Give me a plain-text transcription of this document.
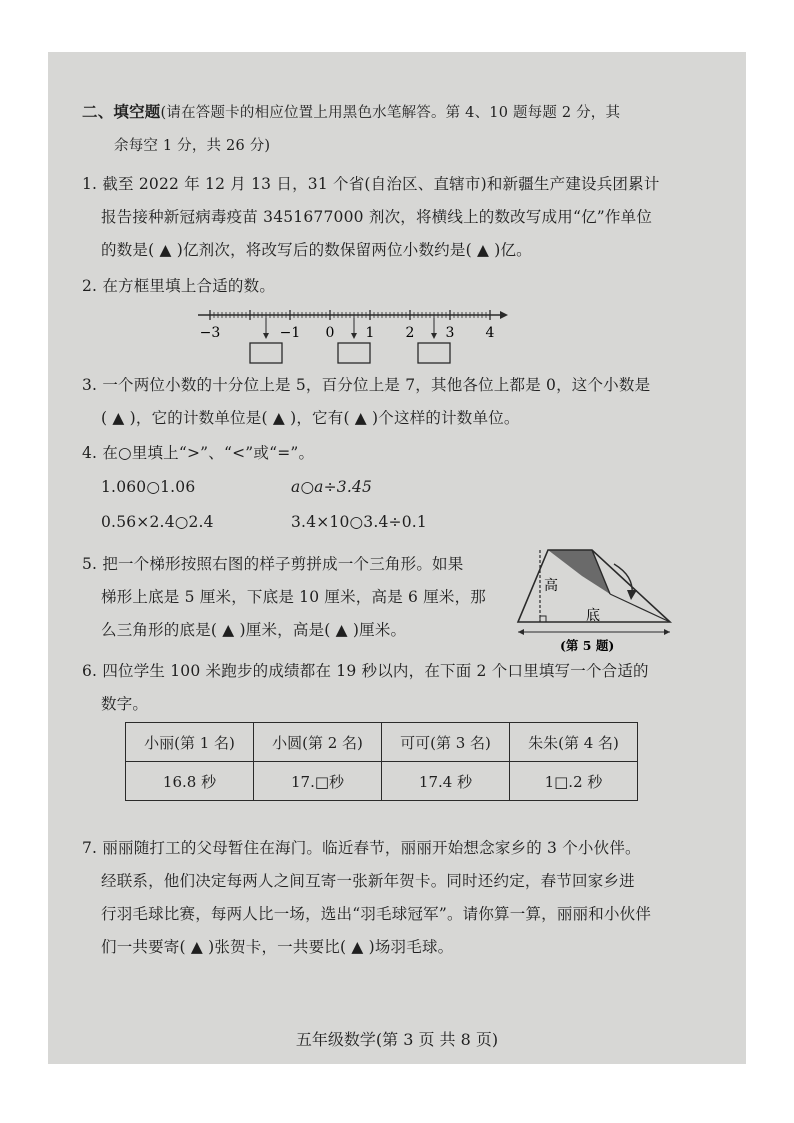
二、填空题(请在答题卡的相应位置上用黑色水笔解答。第 4、10 题每题 2 分，其
余每空 1 分，共 26 分)
1. 截至 2022 年 12 月 13 日，31 个省(自治区、直辖市)和新疆生产建设兵团累计
报告接种新冠病毒疫苗 3451677000 剂次，将横线上的数改写成用“亿”作单位
的数是( ▲ )亿剂次，将改写后的数保留两位小数约是( ▲ )亿。
2. 在方框里填上合适的数。
−3	−1 0 1 2 3 4
3. 一个两位小数的十分位上是 5，百分位上是 7，其他各位上都是 0，这个小数是
( ▲ )，它的计数单位是( ▲ )，它有( ▲ )个这样的计数单位。
4. 在○里填上“>”、“<”或“=”。
1.060○1.06	a○a÷3.45
0.56×2.4○2.4	3.4×10○3.4÷0.1
5. 把一个梯形按照右图的样子剪拼成一个三角形。如果
梯形上底是 5 厘米，下底是 10 厘米，高是 6 厘米，那
么三角形的底是( ▲ )厘米，高是( ▲ )厘米。
高
底
(第 5 题)
6. 四位学生 100 米跑步的成绩都在 19 秒以内，在下面 2 个口里填写一个合适的
数字。
小丽(第 1 名)	小圆(第 2 名)	可可(第 3 名)	朱朱(第 4 名)
16.8 秒	17.□秒	17.4 秒	1□.2 秒
7. 丽丽随打工的父母暂住在海门。临近春节，丽丽开始想念家乡的 3 个小伙伴。
经联系，他们决定每两人之间互寄一张新年贺卡。同时还约定，春节回家乡进
行羽毛球比赛，每两人比一场，选出“羽毛球冠军”。请你算一算，丽丽和小伙伴
们一共要寄( ▲ )张贺卡，一共要比( ▲ )场羽毛球。
五年级数学(第 3 页 共 8 页)
